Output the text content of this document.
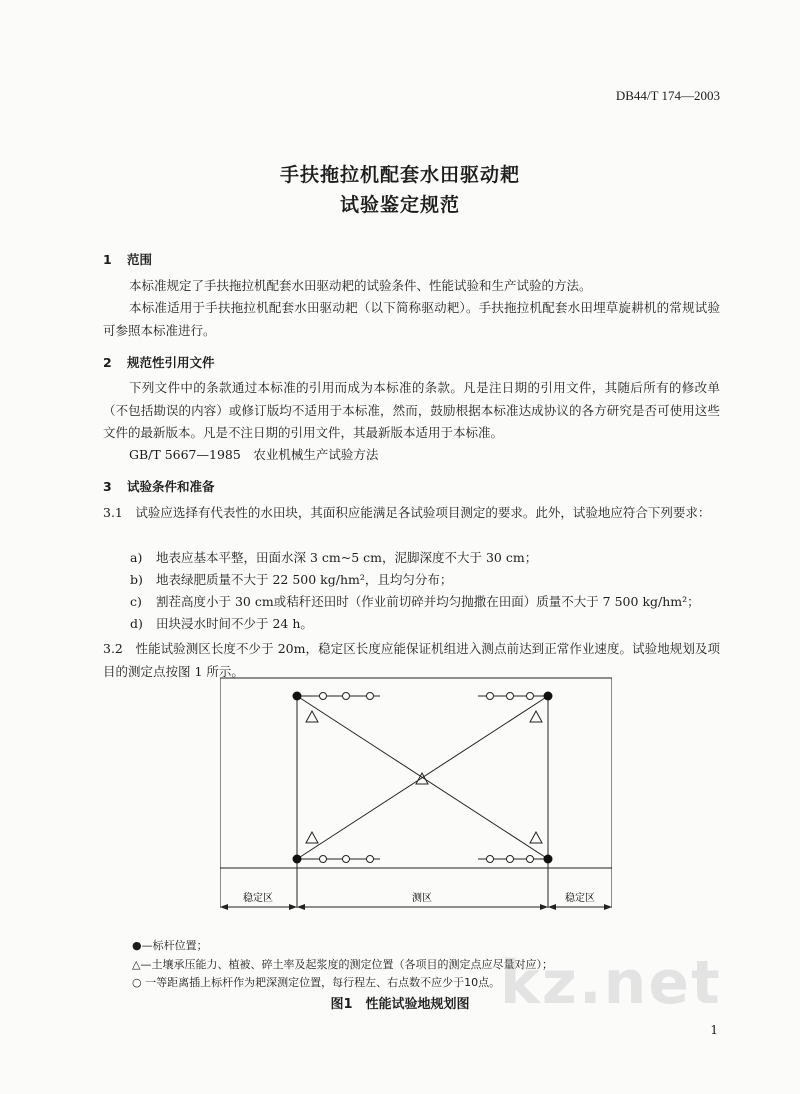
DB44/T 174—2003
手扶拖拉机配套水田驱动耙
试验鉴定规范
1 范围
本标准规定了手扶拖拉机配套水田驱动耙的试验条件、性能试验和生产试验的方法。
本标准适用于手扶拖拉机配套水田驱动耙（以下简称驱动耙）。手扶拖拉机配套水田埋草旋耕机的常规试验可参照本标准进行。
2 规范性引用文件
下列文件中的条款通过本标准的引用而成为本标准的条款。凡是注日期的引用文件，其随后所有的修改单（不包括勘误的内容）或修订版均不适用于本标准，然而，鼓励根据本标准达成协议的各方研究是否可使用这些文件的最新版本。凡是不注日期的引用文件，其最新版本适用于本标准。
GB/T 5667—1985　农业机械生产试验方法
3 试验条件和准备
3.1　试验应选择有代表性的水田块，其面积应能满足各试验项目测定的要求。此外，试验地应符合下列要求：
a) 地表应基本平整，田面水深 3 cm~5 cm，泥脚深度不大于 30 cm；
b) 地表绿肥质量不大于 22 500 kg/hm²，且均匀分布；
c) 割茬高度小于 30 cm或秸秆还田时（作业前切碎并均匀抛撒在田面）质量不大于 7 500 kg/hm²；
d) 田块浸水时间不少于 24 h。
3.2　性能试验测区长度不少于 20m，稳定区长度应能保证机组进入测点前达到正常作业速度。试验地规划及项目的测定点按图 1 所示。
稳定区	测区	稳定区
●—标杆位置；
△—土壤承压能力、植被、碎土率及起浆度的测定位置（各项目的测定点应尽量对应）；
○ 一等距离插上标杆作为耙深测定位置，每行程左、右点数不应少于10点。
图1　性能试验地规划图 kz.net
1
